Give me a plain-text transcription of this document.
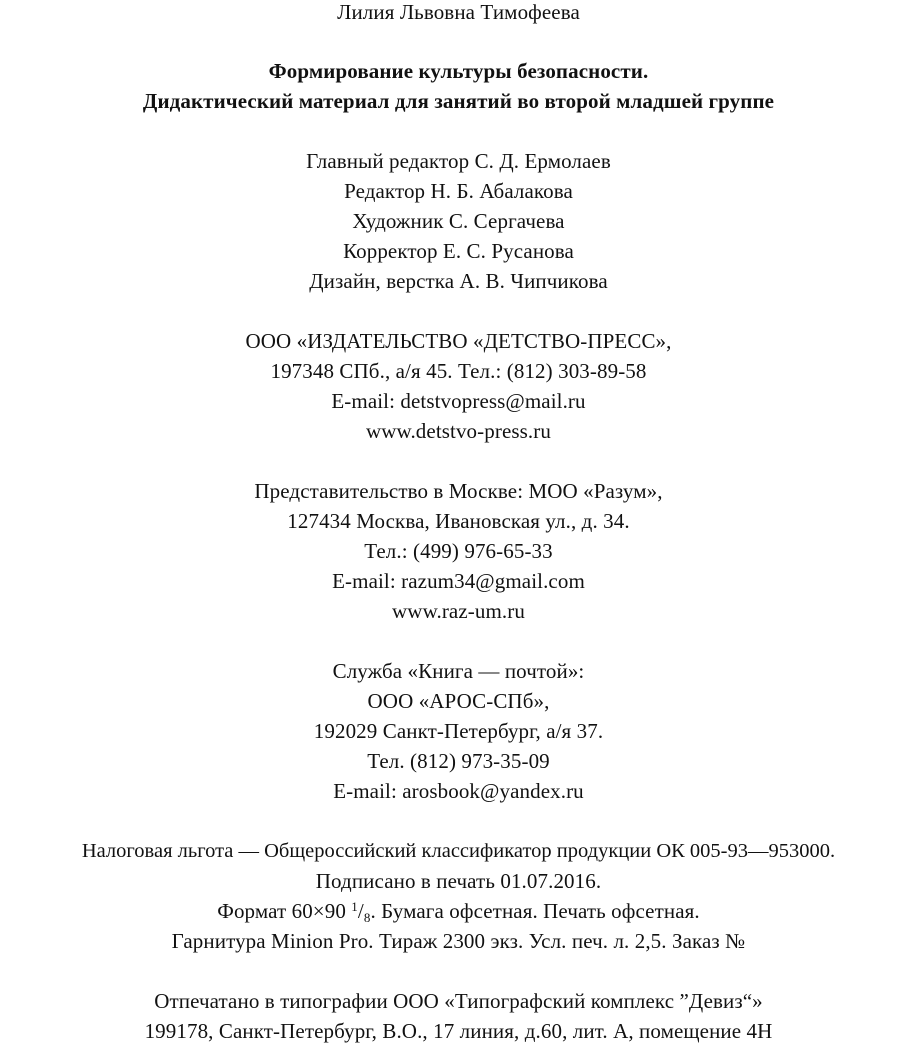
Лилия Львовна Тимофеева
Формирование культуры безопасности.
Дидактический материал для занятий во второй младшей группе
Главный редактор С. Д. Ермолаев
Редактор Н. Б. Абалакова
Художник С. Сергачева
Корректор Е. С. Русанова
Дизайн, верстка А. В. Чипчикова
ООО «ИЗДАТЕЛЬСТВО «ДЕТСТВО-ПРЕСС»,
197348 СПб., а/я 45. Тел.: (812) 303-89-58
E-mail: detstvopress@mail.ru
www.detstvo-press.ru
Представительство в Москве: МОО «Разум»,
127434 Москва, Ивановская ул., д. 34.
Тел.: (499) 976-65-33
E-mail: razum34@gmail.com
www.raz-um.ru
Служба «Книга — почтой»:
ООО «АРОС-СПб»,
192029 Санкт-Петербург, а/я 37.
Тел. (812) 973-35-09
E-mail: arosbook@yandex.ru
Налоговая льгота — Общероссийский классификатор продукции ОК 005-93—953000.
Подписано в печать 01.07.2016.
Формат 60×90 $^1/_8$. Бумага офсетная. Печать офсетная.
Гарнитура Minion Pro. Тираж 2300 экз. Усл. печ. л. 2,5. Заказ №
Отпечатано в типографии ООО «Типографский комплекс ”Девиз“»
199178, Санкт-Петербург, В.О., 17 линия, д.60, лит. А, помещение 4Н
